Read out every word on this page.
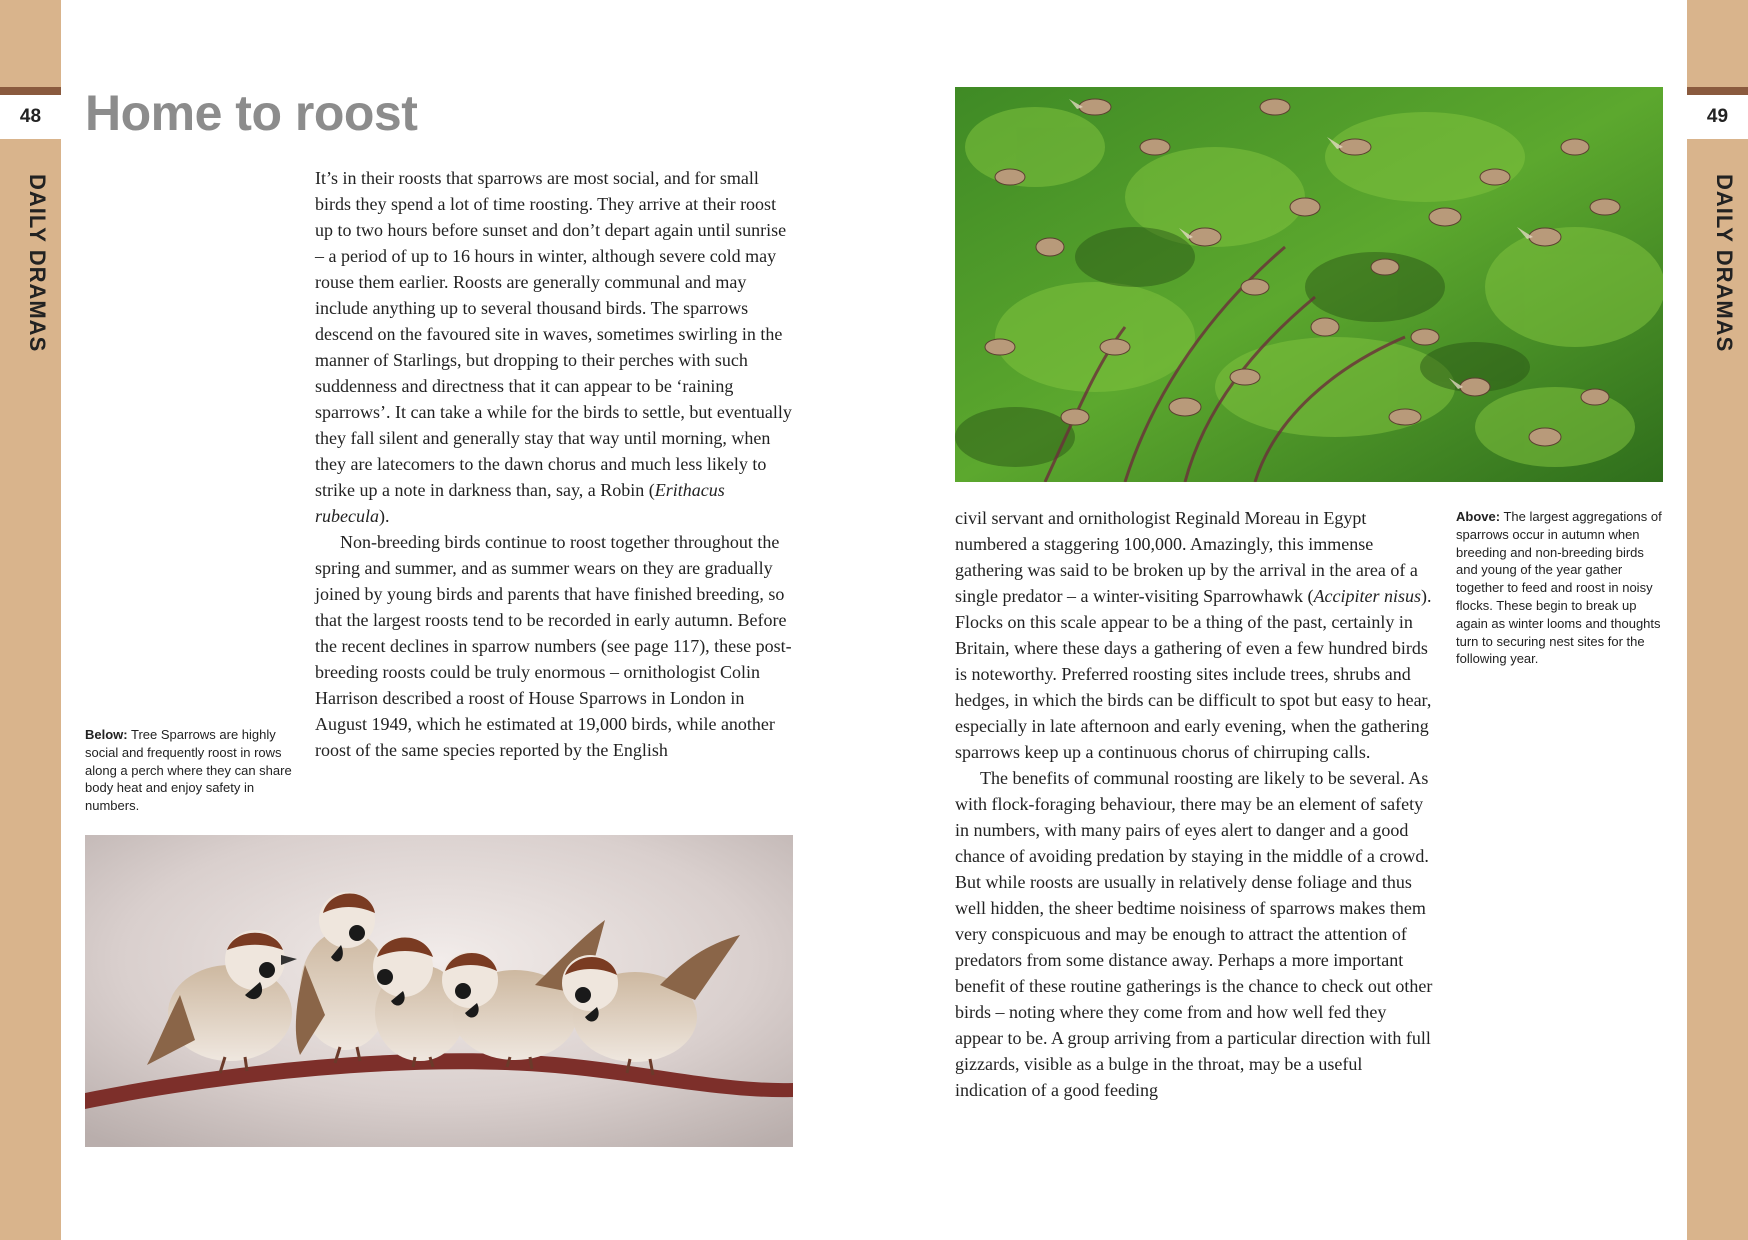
48
DAILY DRAMAS
49
DAILY DRAMAS
Home to roost

It’s in their roosts that sparrows are most social, and for small birds they spend a lot of time roosting. They arrive at their roost up to two hours before sunset and don’t depart again until sunrise – a period of up to 16 hours in winter, although severe cold may rouse them earlier. Roosts are generally communal and may include anything up to several thousand birds. The sparrows descend on the favoured site in waves, sometimes swirling in the manner of Starlings, but dropping to their perches with such suddenness and directness that it can appear to be ‘raining sparrows’. It can take a while for the birds to settle, but eventually they fall silent and generally stay that way until morning, when they are latecomers to the dawn chorus and much less likely to strike up a note in darkness than, say, a Robin (Erithacus rubecula).

Non-breeding birds continue to roost together throughout the spring and summer, and as summer wears on they are gradually joined by young birds and parents that have finished breeding, so that the largest roosts tend to be recorded in early autumn. Before the recent declines in sparrow numbers (see page 117), these post-breeding roosts could be truly enormous – ornithologist Colin Harrison described a roost of House Sparrows in London in August 1949, which he estimated at 19,000 birds, while another roost of the same species reported by the English

Below: Tree Sparrows are highly social and frequently roost in rows along a perch where they can share body heat and enjoy safety in numbers.

civil servant and ornithologist Reginald Moreau in Egypt numbered a staggering 100,000. Amazingly, this immense gathering was said to be broken up by the arrival in the area of a single predator – a winter-visiting Sparrowhawk (Accipiter nisus). Flocks on this scale appear to be a thing of the past, certainly in Britain, where these days a gathering of even a few hundred birds is noteworthy. Preferred roosting sites include trees, shrubs and hedges, in which the birds can be difficult to spot but easy to hear, especially in late afternoon and early evening, when the gathering sparrows keep up a continuous chorus of chirruping calls.

The benefits of communal roosting are likely to be several. As with flock-foraging behaviour, there may be an element of safety in numbers, with many pairs of eyes alert to danger and a good chance of avoiding predation by staying in the middle of a crowd. But while roosts are usually in relatively dense foliage and thus well hidden, the sheer bedtime noisiness of sparrows makes them very conspicuous and may be enough to attract the attention of predators from some distance away. Perhaps a more important benefit of these routine gatherings is the chance to check out other birds – noting where they come from and how well fed they appear to be. A group arriving from a particular direction with full gizzards, visible as a bulge in the throat, may be a useful indication of a good feeding

Above: The largest aggregations of sparrows occur in autumn when breeding and non-breeding birds and young of the year gather together to feed and roost in noisy flocks. These begin to break up again as winter looms and thoughts turn to securing nest sites for the following year.
